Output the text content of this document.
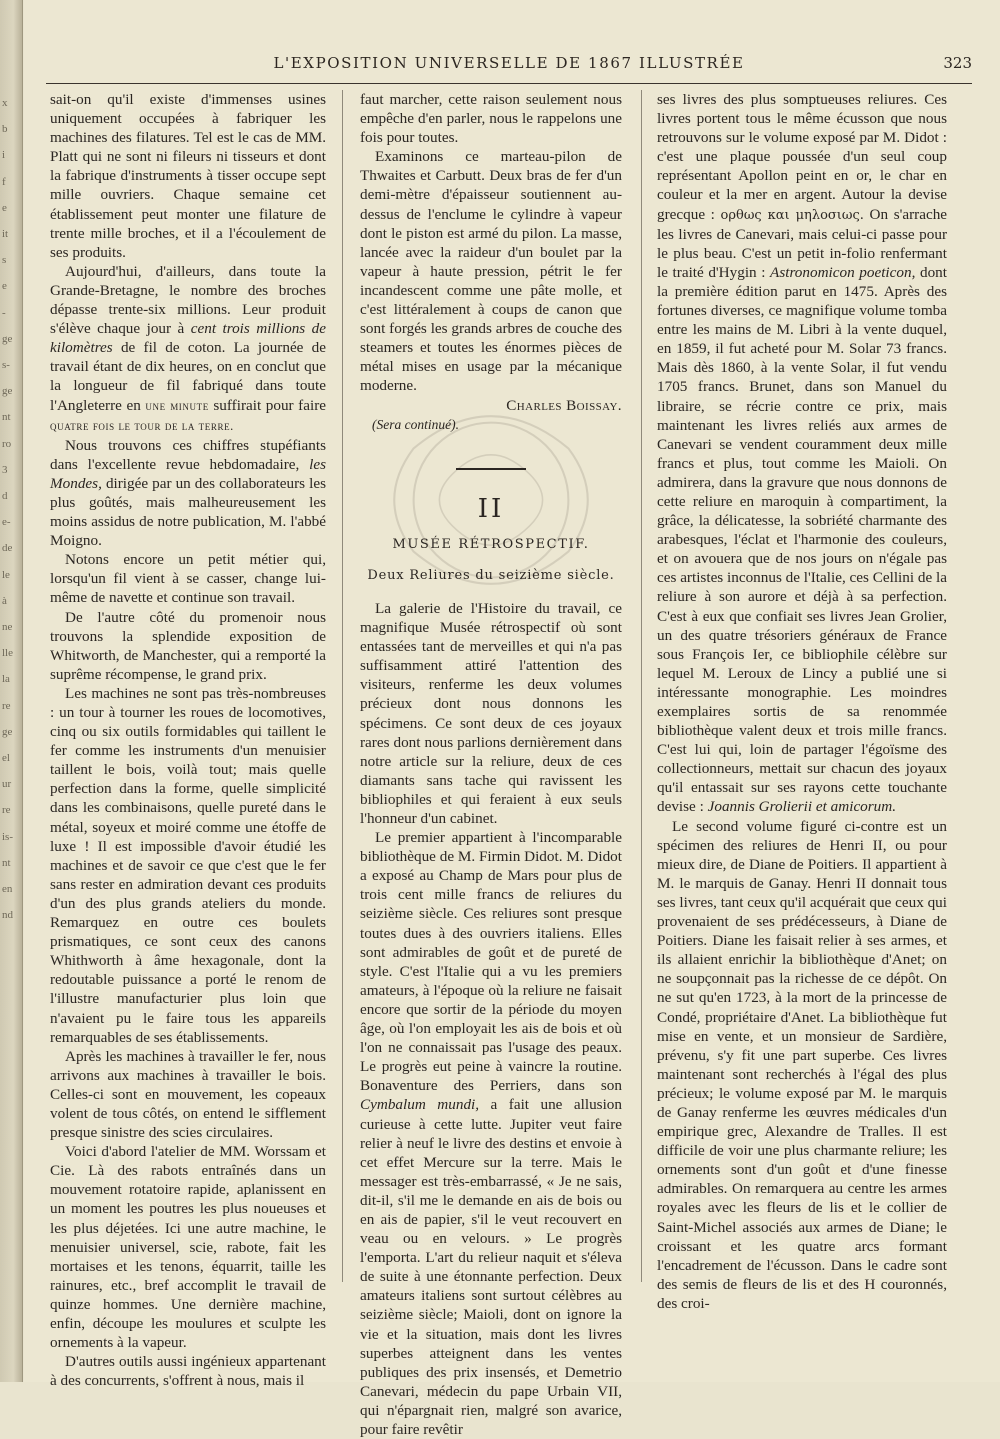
x
b
i
f
e
it
s
e
-
ge
s-
ge
nt
ro
3
d
e-
de
le
à
ne
lle
la
re
ge
el
ur
re
is-
nt
en
nd
L'EXPOSITION UNIVERSELLE DE 1867 ILLUSTRÉE	323

sait-on qu'il existe d'immenses usines uniquement occupées à fabriquer les machines des filatures. Tel est le cas de MM. Platt qui ne sont ni fileurs ni tisseurs et dont la fabrique d'instruments à tisser occupe sept mille ouvriers. Chaque semaine cet établissement peut monter une filature de trente mille broches, et il a l'écoulement de ses produits.

Aujourd'hui, d'ailleurs, dans toute la Grande-Bretagne, le nombre des broches dépasse trente-six millions. Leur produit s'élève chaque jour à cent trois millions de kilomètres de fil de coton. La journée de travail étant de dix heures, on en conclut que la longueur de fil fabriqué dans toute l'Angleterre en une minute suffirait pour faire quatre fois le tour de la terre.

Nous trouvons ces chiffres stupéfiants dans l'excellente revue hebdomadaire, les Mondes, dirigée par un des collaborateurs les plus goûtés, mais malheureusement les moins assidus de notre publication, M. l'abbé Moigno.

Notons encore un petit métier qui, lorsqu'un fil vient à se casser, change lui-même de navette et continue son travail.

De l'autre côté du promenoir nous trouvons la splendide exposition de Whitworth, de Manchester, qui a remporté la suprême récompense, le grand prix.

Les machines ne sont pas très-nombreuses : un tour à tourner les roues de locomotives, cinq ou six outils formidables qui taillent le fer comme les instruments d'un menuisier taillent le bois, voilà tout; mais quelle perfection dans la forme, quelle simplicité dans les combinaisons, quelle pureté dans le métal, soyeux et moiré comme une étoffe de luxe ! Il est impossible d'avoir étudié les machines et de savoir ce que c'est que le fer sans rester en admiration devant ces produits d'un des plus grands ateliers du monde. Remarquez en outre ces boulets prismatiques, ce sont ceux des canons Whithworth à âme hexagonale, dont la redoutable puissance a porté le renom de l'illustre manufacturier plus loin que n'avaient pu le faire tous les appareils remarquables de ses établissements.

Après les machines à travailler le fer, nous arrivons aux machines à travailler le bois. Celles-ci sont en mouvement, les copeaux volent de tous côtés, on entend le sifflement presque sinistre des scies circulaires.

Voici d'abord l'atelier de MM. Worssam et Cie. Là des rabots entraînés dans un mouvement rotatoire rapide, aplanissent en un moment les poutres les plus noueuses et les plus déjetées. Ici une autre machine, le menuisier universel, scie, rabote, fait les mortaises et les tenons, équarrit, taille les rainures, etc., bref accomplit le travail de quinze hommes. Une dernière machine, enfin, découpe les moulures et sculpte les ornements à la vapeur.

D'autres outils aussi ingénieux appartenant à des concurrents, s'offrent à nous, mais il

faut marcher, cette raison seulement nous empêche d'en parler, nous le rappelons une fois pour toutes.

Examinons ce marteau-pilon de Thwaites et Carbutt. Deux bras de fer d'un demi-mètre d'épaisseur soutiennent au-dessus de l'enclume le cylindre à vapeur dont le piston est armé du pilon. La masse, lancée avec la raideur d'un boulet par la vapeur à haute pression, pétrit le fer incandescent comme une pâte molle, et c'est littéralement à coups de canon que sont forgés les grands arbres de couche des steamers et toutes les énormes pièces de métal mises en usage par la mécanique moderne.

Charles Boissay.

(Sera continué).

II
MUSÉE RÉTROSPECTIF.
Deux Reliures du seizième siècle.

La galerie de l'Histoire du travail, ce magnifique Musée rétrospectif où sont entassées tant de merveilles et qui n'a pas suffisamment attiré l'attention des visiteurs, renferme les deux volumes précieux dont nous donnons les spécimens. Ce sont deux de ces joyaux rares dont nous parlions dernièrement dans notre article sur la reliure, deux de ces diamants sans tache qui ravissent les bibliophiles et qui feraient à eux seuls l'honneur d'un cabinet.

Le premier appartient à l'incomparable bibliothèque de M. Firmin Didot. M. Didot a exposé au Champ de Mars pour plus de trois cent mille francs de reliures du seizième siècle. Ces reliures sont presque toutes dues à des ouvriers italiens. Elles sont admirables de goût et de pureté de style. C'est l'Italie qui a vu les premiers amateurs, à l'époque où la reliure ne faisait encore que sortir de la période du moyen âge, où l'on employait les ais de bois et où l'on ne connaissait pas l'usage des peaux. Le progrès eut peine à vaincre la routine. Bonaventure des Perriers, dans son Cymbalum mundi, a fait une allusion curieuse à cette lutte. Jupiter veut faire relier à neuf le livre des destins et envoie à cet effet Mercure sur la terre. Mais le messager est très-embarrassé, « Je ne sais, dit-il, s'il me le demande en ais de bois ou en ais de papier, s'il le veut recouvert en veau ou en velours. » Le progrès l'emporta. L'art du relieur naquit et s'éleva de suite à une étonnante perfection. Deux amateurs italiens sont surtout célèbres au seizième siècle; Maioli, dont on ignore la vie et la situation, mais dont les livres superbes atteignent dans les ventes publiques des prix insensés, et Demetrio Canevari, médecin du pape Urbain VII, qui n'épargnait rien, malgré son avarice, pour faire revêtir

ses livres des plus somptueuses reliures. Ces livres portent tous le même écusson que nous retrouvons sur le volume exposé par M. Didot : c'est une plaque poussée d'un seul coup représentant Apollon peint en or, le char en couleur et la mer en argent. Autour la devise grecque : ορθως και μηλοσιως. On s'arrache les livres de Canevari, mais celui-ci passe pour le plus beau. C'est un petit in-folio renfermant le traité d'Hygin : Astronomicon poeticon, dont la première édition parut en 1475. Après des fortunes diverses, ce magnifique volume tomba entre les mains de M. Libri à la vente duquel, en 1859, il fut acheté pour M. Solar 73 francs. Mais dès 1860, à la vente Solar, il fut vendu 1705 francs. Brunet, dans son Manuel du libraire, se récrie contre ce prix, mais maintenant les livres reliés aux armes de Canevari se vendent couramment deux mille francs et plus, tout comme les Maioli. On admirera, dans la gravure que nous donnons de cette reliure en maroquin à compartiment, la grâce, la délicatesse, la sobriété charmante des arabesques, l'éclat et l'harmonie des couleurs, et on avouera que de nos jours on n'égale pas ces artistes inconnus de l'Italie, ces Cellini de la reliure à son aurore et déjà à sa perfection. C'est à eux que confiait ses livres Jean Grolier, un des quatre trésoriers généraux de France sous François Ier, ce bibliophile célèbre sur lequel M. Leroux de Lincy a publié une si intéressante monographie. Les moindres exemplaires sortis de sa renommée bibliothèque valent deux et trois mille francs. C'est lui qui, loin de partager l'égoïsme des collectionneurs, mettait sur chacun des joyaux qu'il entassait sur ses rayons cette touchante devise : Joannis Grolierii et amicorum.

Le second volume figuré ci-contre est un spécimen des reliures de Henri II, ou pour mieux dire, de Diane de Poitiers. Il appartient à M. le marquis de Ganay. Henri II donnait tous ses livres, tant ceux qu'il acquérait que ceux qui provenaient de ses prédécesseurs, à Diane de Poitiers. Diane les faisait relier à ses armes, et ils allaient enrichir la bibliothèque d'Anet; on ne soupçonnait pas la richesse de ce dépôt. On ne sut qu'en 1723, à la mort de la princesse de Condé, propriétaire d'Anet. La bibliothèque fut mise en vente, et un monsieur de Sardière, prévenu, s'y fit une part superbe. Ces livres maintenant sont recherchés à l'égal des plus précieux; le volume exposé par M. le marquis de Ganay renferme les œuvres médicales d'un empirique grec, Alexandre de Tralles. Il est difficile de voir une plus charmante reliure; les ornements sont d'un goût et d'une finesse admirables. On remarquera au centre les armes royales avec les fleurs de lis et le collier de Saint-Michel associés aux armes de Diane; le croissant et les quatre arcs formant l'encadrement de l'écusson. Dans le cadre sont des semis de fleurs de lis et des H couronnés, des croi-
